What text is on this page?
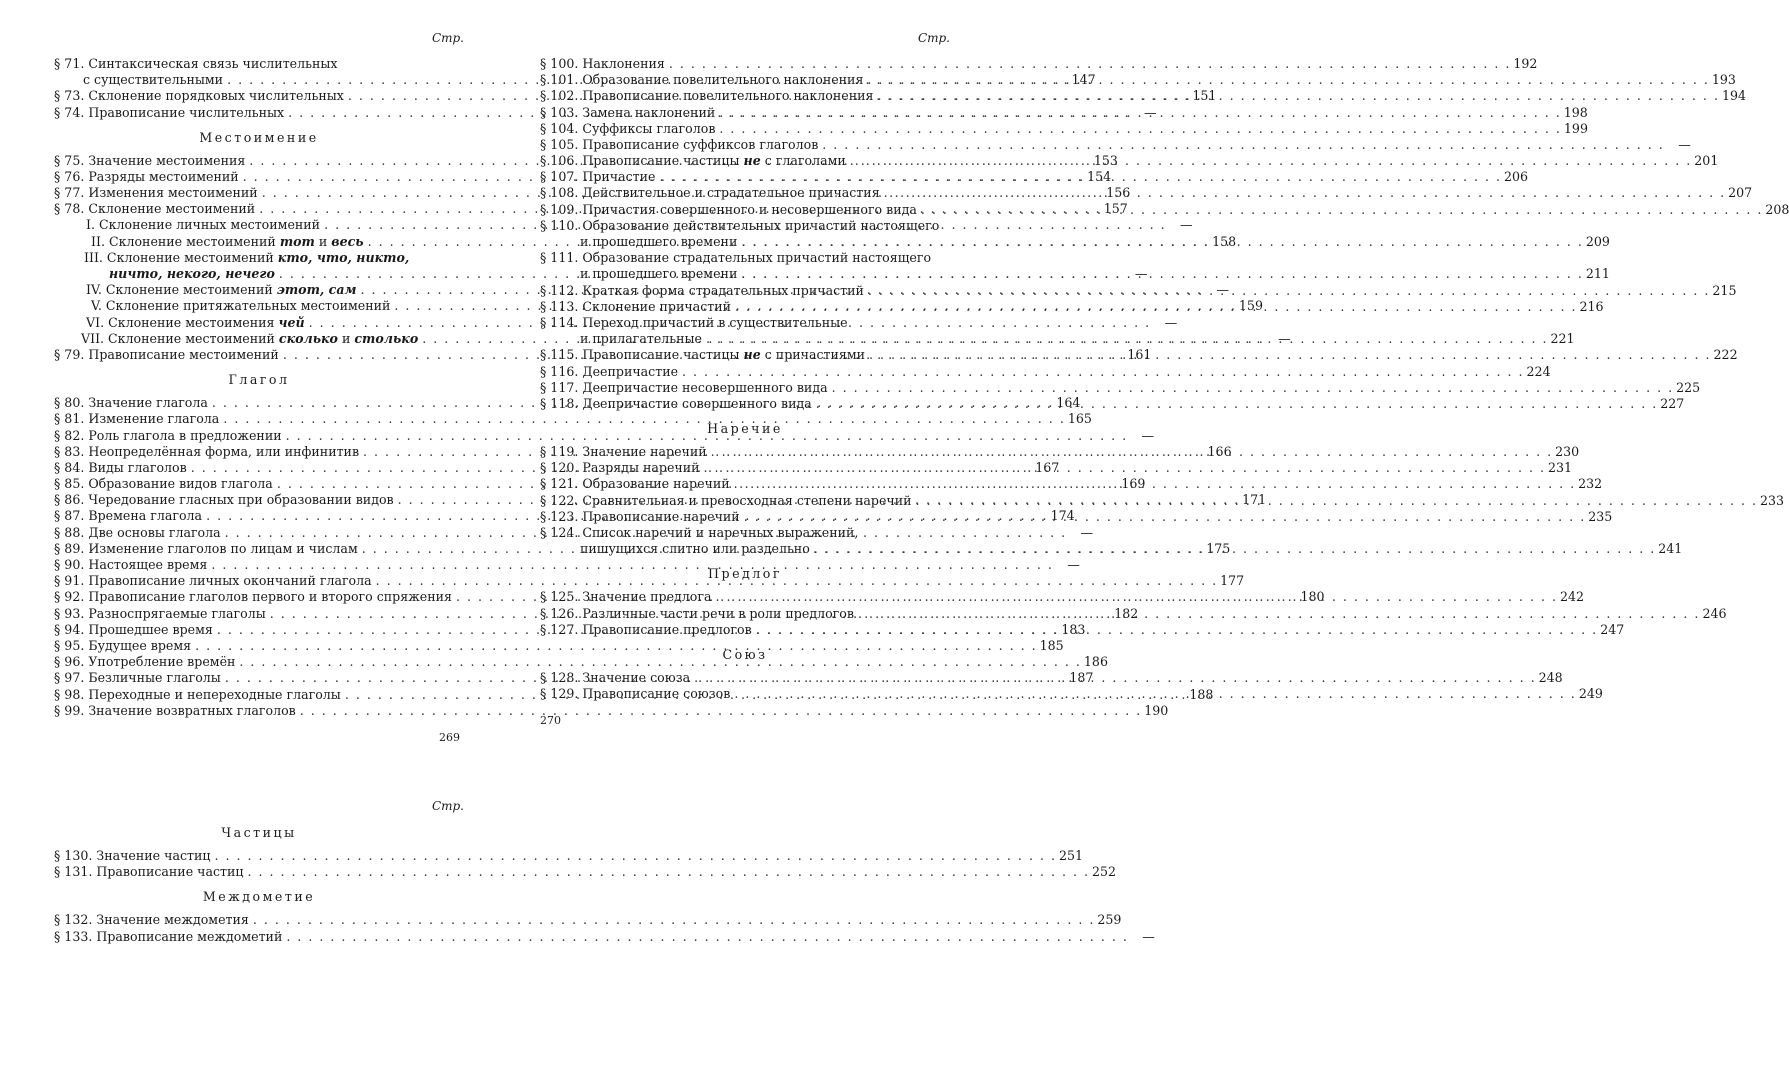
Стр.
§ 71. Синтаксическая связь числительных
с существительными . . .	147
§ 73. Склонение порядковых числительных . . .	151
§ 74. Правописание числительных . . .	—
Местоимение
§ 75. Значение местоимения . . .	153
§ 76. Разряды местоимений . . .	154
§ 77. Изменения местоимений . . .	156
§ 78. Склонение местоимений . . .	157
I. Склонение личных местоимений . . .	—
II. Склонение местоимений тот и весь . . .	158
III. Склонение местоимений кто, что, никто,
ничто, некого, нечего . . .	—
IV. Склонение местоимений этот, сам . . .	—
V. Склонение притяжательных местоимений . . .	159
VI. Склонение местоимения чей . . .	—
VII. Склонение местоимений сколько и столько . . .	—
§ 79. Правописание местоимений . . .	161
Глагол
§ 80. Значение глагола . . .	164
§ 81. Изменение глагола . . .	165
§ 82. Роль глагола в предложении . . .	—
§ 83. Неопределённая форма, или инфинитив . . .	166
§ 84. Виды глаголов . . .	167
§ 85. Образование видов глагола . . .	169
§ 86. Чередование гласных при образовании видов . . .	171
§ 87. Времена глагола . . .	174
§ 88. Две основы глагола . . .	—
§ 89. Изменение глаголов по лицам и числам . . .	175
§ 90. Настоящее время . . .	—
§ 91. Правописание личных окончаний глагола . . .	177
§ 92. Правописание глаголов первого и второго спряжения . . .	180
§ 93. Разноспрягаемые глаголы . . .	182
§ 94. Прошедшее время . . .	183
§ 95. Будущее время . . .	185
§ 96. Употребление времён . . .	186
§ 97. Безличные глаголы . . .	187
§ 98. Переходные и непереходные глаголы . . .	188
§ 99. Значение возвратных глаголов . . .	190
269
Стр.
§ 100. Наклонения . . .	192
§ 101. Образование повелительного наклонения . . .	193
§ 102. Правописание повелительного наклонения . . .	194
§ 103. Замена наклонений . . .	198
§ 104. Суффиксы глаголов . . .	199
§ 105. Правописание суффиксов глаголов . . .	—
§ 106. Правописание частицы не с глаголами . . .	201
§ 107. Причастие . . .	206
§ 108. Действительное и страдательное причастия . . .	207
§ 109. Причастия совершенного и несовершенного вида . . .	208
§ 110. Образование действительных причастий настоящего
и прошедшего времени . . .	209
§ 111. Образование страдательных причастий настоящего
и прошедшего времени . . .	211
§ 112. Краткая форма страдательных причастий . . .	215
§ 113. Склонение причастий . . .	216
§ 114. Переход причастий в существительные
и прилагательные . . .	221
§ 115. Правописание частицы не с причастиями . . .	222
§ 116. Деепричастие . . .	224
§ 117. Деепричастие несовершенного вида . . .	225
§ 118. Деепричастие совершенного вида . . .	227
Наречие
§ 119. Значение наречий . . .	230
§ 120. Разряды наречий . . .	231
§ 121. Образование наречий . . .	232
§ 122. Сравнительная и превосходная степени наречий . . .	233
§ 123. Правописание наречий . . .	235
§ 124. Список наречий и наречных выражений,
пишущихся слитно или раздельно . . .	241
Предлог
§ 125. Значение предлога . . .	242
§ 126. Различные части речи в роли предлогов . . .	246
§ 127. Правописание предлогов . . .	247
Союз
§ 128. Значение союза . . .	248
§ 129. Правописание союзов . . .	249
270
Стр.
Частицы
§ 130. Значение частиц . . .	251
§ 131. Правописание частиц . . .	252
Междометие
§ 132. Значение междометия . . .	259
§ 133. Правописание междометий . . .	—
